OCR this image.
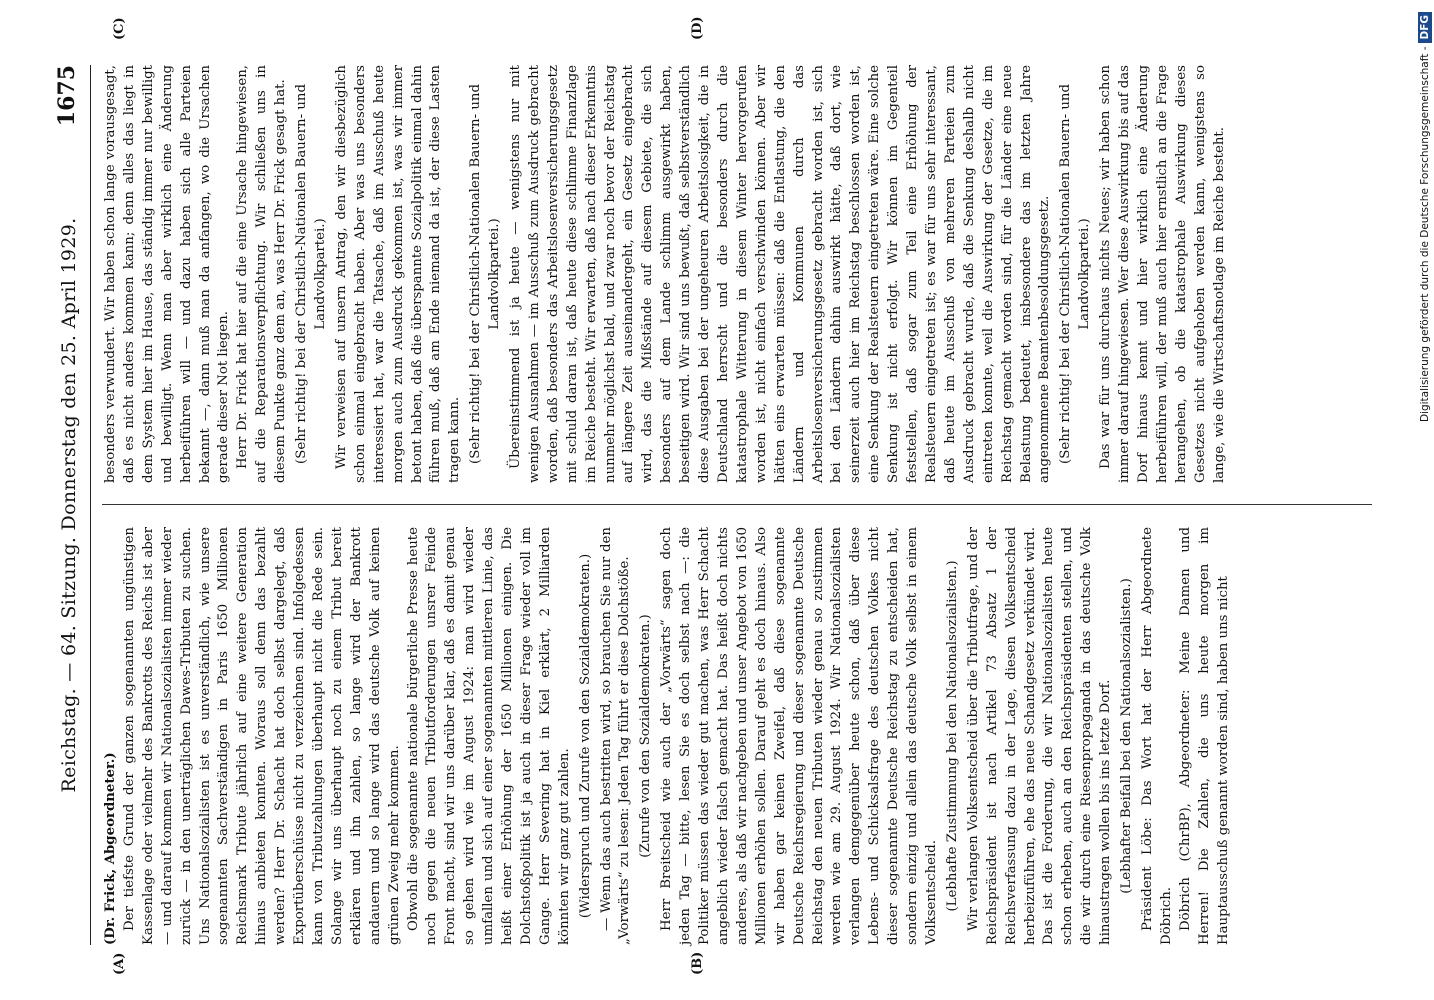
Reichstag. — 64. Sitzung. Donnerstag den 25. April 1929.
1675
(A)	(B)
(C)	(D)

(Dr. Frick, Abgeordneter.) Der tiefste Grund der ganzen sogenannten ungünstigen Kassenlage oder vielmehr des Bankrotts des Reichs ist aber — und darauf kommen wir Nationalsozialisten immer wieder zurück — in den unerträglichen Dawes-Tributen zu suchen. Uns Nationalsozialisten ist es unverständlich, wie unsere sogenannten Sachverständigen in Paris 1650 Millionen Reichsmark Tribute jährlich auf eine weitere Generation hinaus anbieten konnten. Woraus soll denn das bezahlt werden? Herr Dr. Schacht hat doch selbst dargelegt, daß Exportüberschüsse nicht zu verzeichnen sind. Infolgedessen kann von Tributzahlungen überhaupt nicht die Rede sein. Solange wir uns überhaupt noch zu einem Tribut bereit erklären und ihn zahlen, so lange wird der Bankrott andauern und so lange wird das deutsche Volk auf keinen grünen Zweig mehr kommen. Obwohl die sogenannte nationale bürgerliche Presse heute noch gegen die neuen Tributforderungen unsrer Feinde Front macht, sind wir uns darüber klar, daß es damit genau so gehen wird wie im August 1924: man wird wieder umfallen und sich auf einer sogenannten mittleren Linie, das heißt einer Erhöhung der 1650 Millionen einigen. Die Dolchstoßpolitik ist ja auch in dieser Frage wieder voll im Gange. Herr Severing hat in Kiel erklärt, 2 Milliarden könnten wir ganz gut zahlen. (Widerspruch und Zurufe von den Sozialdemokraten.) — Wenn das auch bestritten wird, so brauchen Sie nur den „Vorwärts“ zu lesen: Jeden Tag führt er diese Dolchstöße. (Zurufe von den Sozialdemokraten.) Herr Breitscheid wie auch der „Vorwärts“ sagen doch jeden Tag — bitte, lesen Sie es doch selbst nach —: die Politiker müssen das wieder gut machen, was Herr Schacht angeblich wieder falsch gemacht hat. Das heißt doch nichts anderes, als daß wir nachgeben und unser Angebot von 1650 Millionen erhöhen sollen. Darauf geht es doch hinaus. Also wir haben gar keinen Zweifel, daß diese sogenannte Deutsche Reichsregierung und dieser sogenannte Deutsche Reichstag den neuen Tributen wieder genau so zustimmen werden wie am 29. August 1924. Wir Nationalsozialisten verlangen demgegenüber heute schon, daß über diese Lebens- und Schicksalsfrage des deutschen Volkes nicht dieser sogenannte Deutsche Reichstag zu entscheiden hat, sondern einzig und allein das deutsche Volk selbst in einem Volksentscheid. (Lebhafte Zustimmung bei den Nationalsozialisten.) Wir verlangen Volksentscheid über die Tributfrage, und der Reichspräsident ist nach Artikel 73 Absatz 1 der Reichsverfassung dazu in der Lage, diesen Volksentscheid herbeizuführen, ehe das neue Schandgesetz verkündet wird. Das ist die Forderung, die wir Nationalsozialisten heute schon erheben, auch an den Reichspräsidenten stellen, und die wir durch eine Riesenpropaganda in das deutsche Volk hinaustragen wollen bis ins letzte Dorf. (Lebhafter Beifall bei den Nationalsozialisten.) Präsident Löbe: Das Wort hat der Herr Abgeordnete Döbrich. Döbrich (ChrBP), Abgeordneter: Meine Damen und Herren! Die Zahlen, die uns heute morgen im Hauptausschuß genannt worden sind, haben uns nicht

besonders verwundert. Wir haben schon lange vorausgesagt, daß es nicht anders kommen kann; denn alles das liegt in dem System hier im Hause, das ständig immer nur bewilligt und bewilligt. Wenn man aber wirklich eine Änderung herbeiführen will — und dazu haben sich alle Parteien bekannt —, dann muß man da anfangen, wo die Ursachen gerade dieser Not liegen. Herr Dr. Frick hat hier auf die eine Ursache hingewiesen, auf die Reparationsverpflichtung. Wir schließen uns in diesem Punkte ganz dem an, was Herr Dr. Frick gesagt hat. (Sehr richtig! bei der Christlich-Nationalen Bauern- und Landvolkpartei.) Wir verweisen auf unsern Antrag, den wir diesbezüglich schon einmal eingebracht haben. Aber was uns besonders interessiert hat, war die Tatsache, daß im Ausschuß heute morgen auch zum Ausdruck gekommen ist, was wir immer betont haben, daß die überspannte Sozialpolitik einmal dahin führen muß, daß am Ende niemand da ist, der diese Lasten tragen kann. (Sehr richtig! bei der Christlich-Nationalen Bauern- und Landvolkpartei.) Übereinstimmend ist ja heute — wenigstens nur mit wenigen Ausnahmen — im Ausschuß zum Ausdruck gebracht worden, daß besonders das Arbeitslosenversicherungsgesetz mit schuld daran ist, daß heute diese schlimme Finanzlage im Reiche besteht. Wir erwarten, daß nach dieser Erkenntnis nunmehr möglichst bald, und zwar noch bevor der Reichstag auf längere Zeit auseinandergeht, ein Gesetz eingebracht wird, das die Mißstände auf diesem Gebiete, die sich besonders auf dem Lande schlimm ausgewirkt haben, beseitigen wird. Wir sind uns bewußt, daß selbstverständlich diese Ausgaben bei der ungeheuren Arbeitslosigkeit, die in Deutschland herrscht und die besonders durch die katastrophale Witterung in diesem Winter hervorgerufen worden ist, nicht einfach verschwinden können. Aber wir hätten eins erwarten müssen: daß die Entlastung, die den Ländern und Kommunen durch das Arbeitslosenversicherungsgesetz gebracht worden ist, sich bei den Ländern dahin auswirkt hätte, daß dort, wie seinerzeit auch hier im Reichstag beschlossen worden ist, eine Senkung der Realsteuern eingetreten wäre. Eine solche Senkung ist nicht erfolgt. Wir können im Gegenteil feststellen, daß sogar zum Teil eine Erhöhung der Realsteuern eingetreten ist; es war für uns sehr interessant, daß heute im Ausschuß von mehreren Parteien zum Ausdruck gebracht wurde, daß die Senkung deshalb nicht eintreten konnte, weil die Auswirkung der Gesetze, die im Reichstag gemacht worden sind, für die Länder eine neue Belastung bedeutet, insbesondere das im letzten Jahre angenommene Beamtenbesoldungsgesetz. (Sehr richtig! bei der Christlich-Nationalen Bauern- und Landvolkpartei.) Das war für uns durchaus nichts Neues; wir haben schon immer darauf hingewiesen. Wer diese Auswirkung bis auf das Dorf hinaus kennt und hier wirklich eine Änderung herbeiführen will, der muß auch hier ernstlich an die Frage herangehen, ob die katastrophale Auswirkung dieses Gesetzes nicht aufgehoben werden kann, wenigstens so lange, wie die Wirtschaftsnotlage im Reiche besteht.	Digitalisierung gefördert durch die Deutsche Forschungsgemeinschaft -DFG
